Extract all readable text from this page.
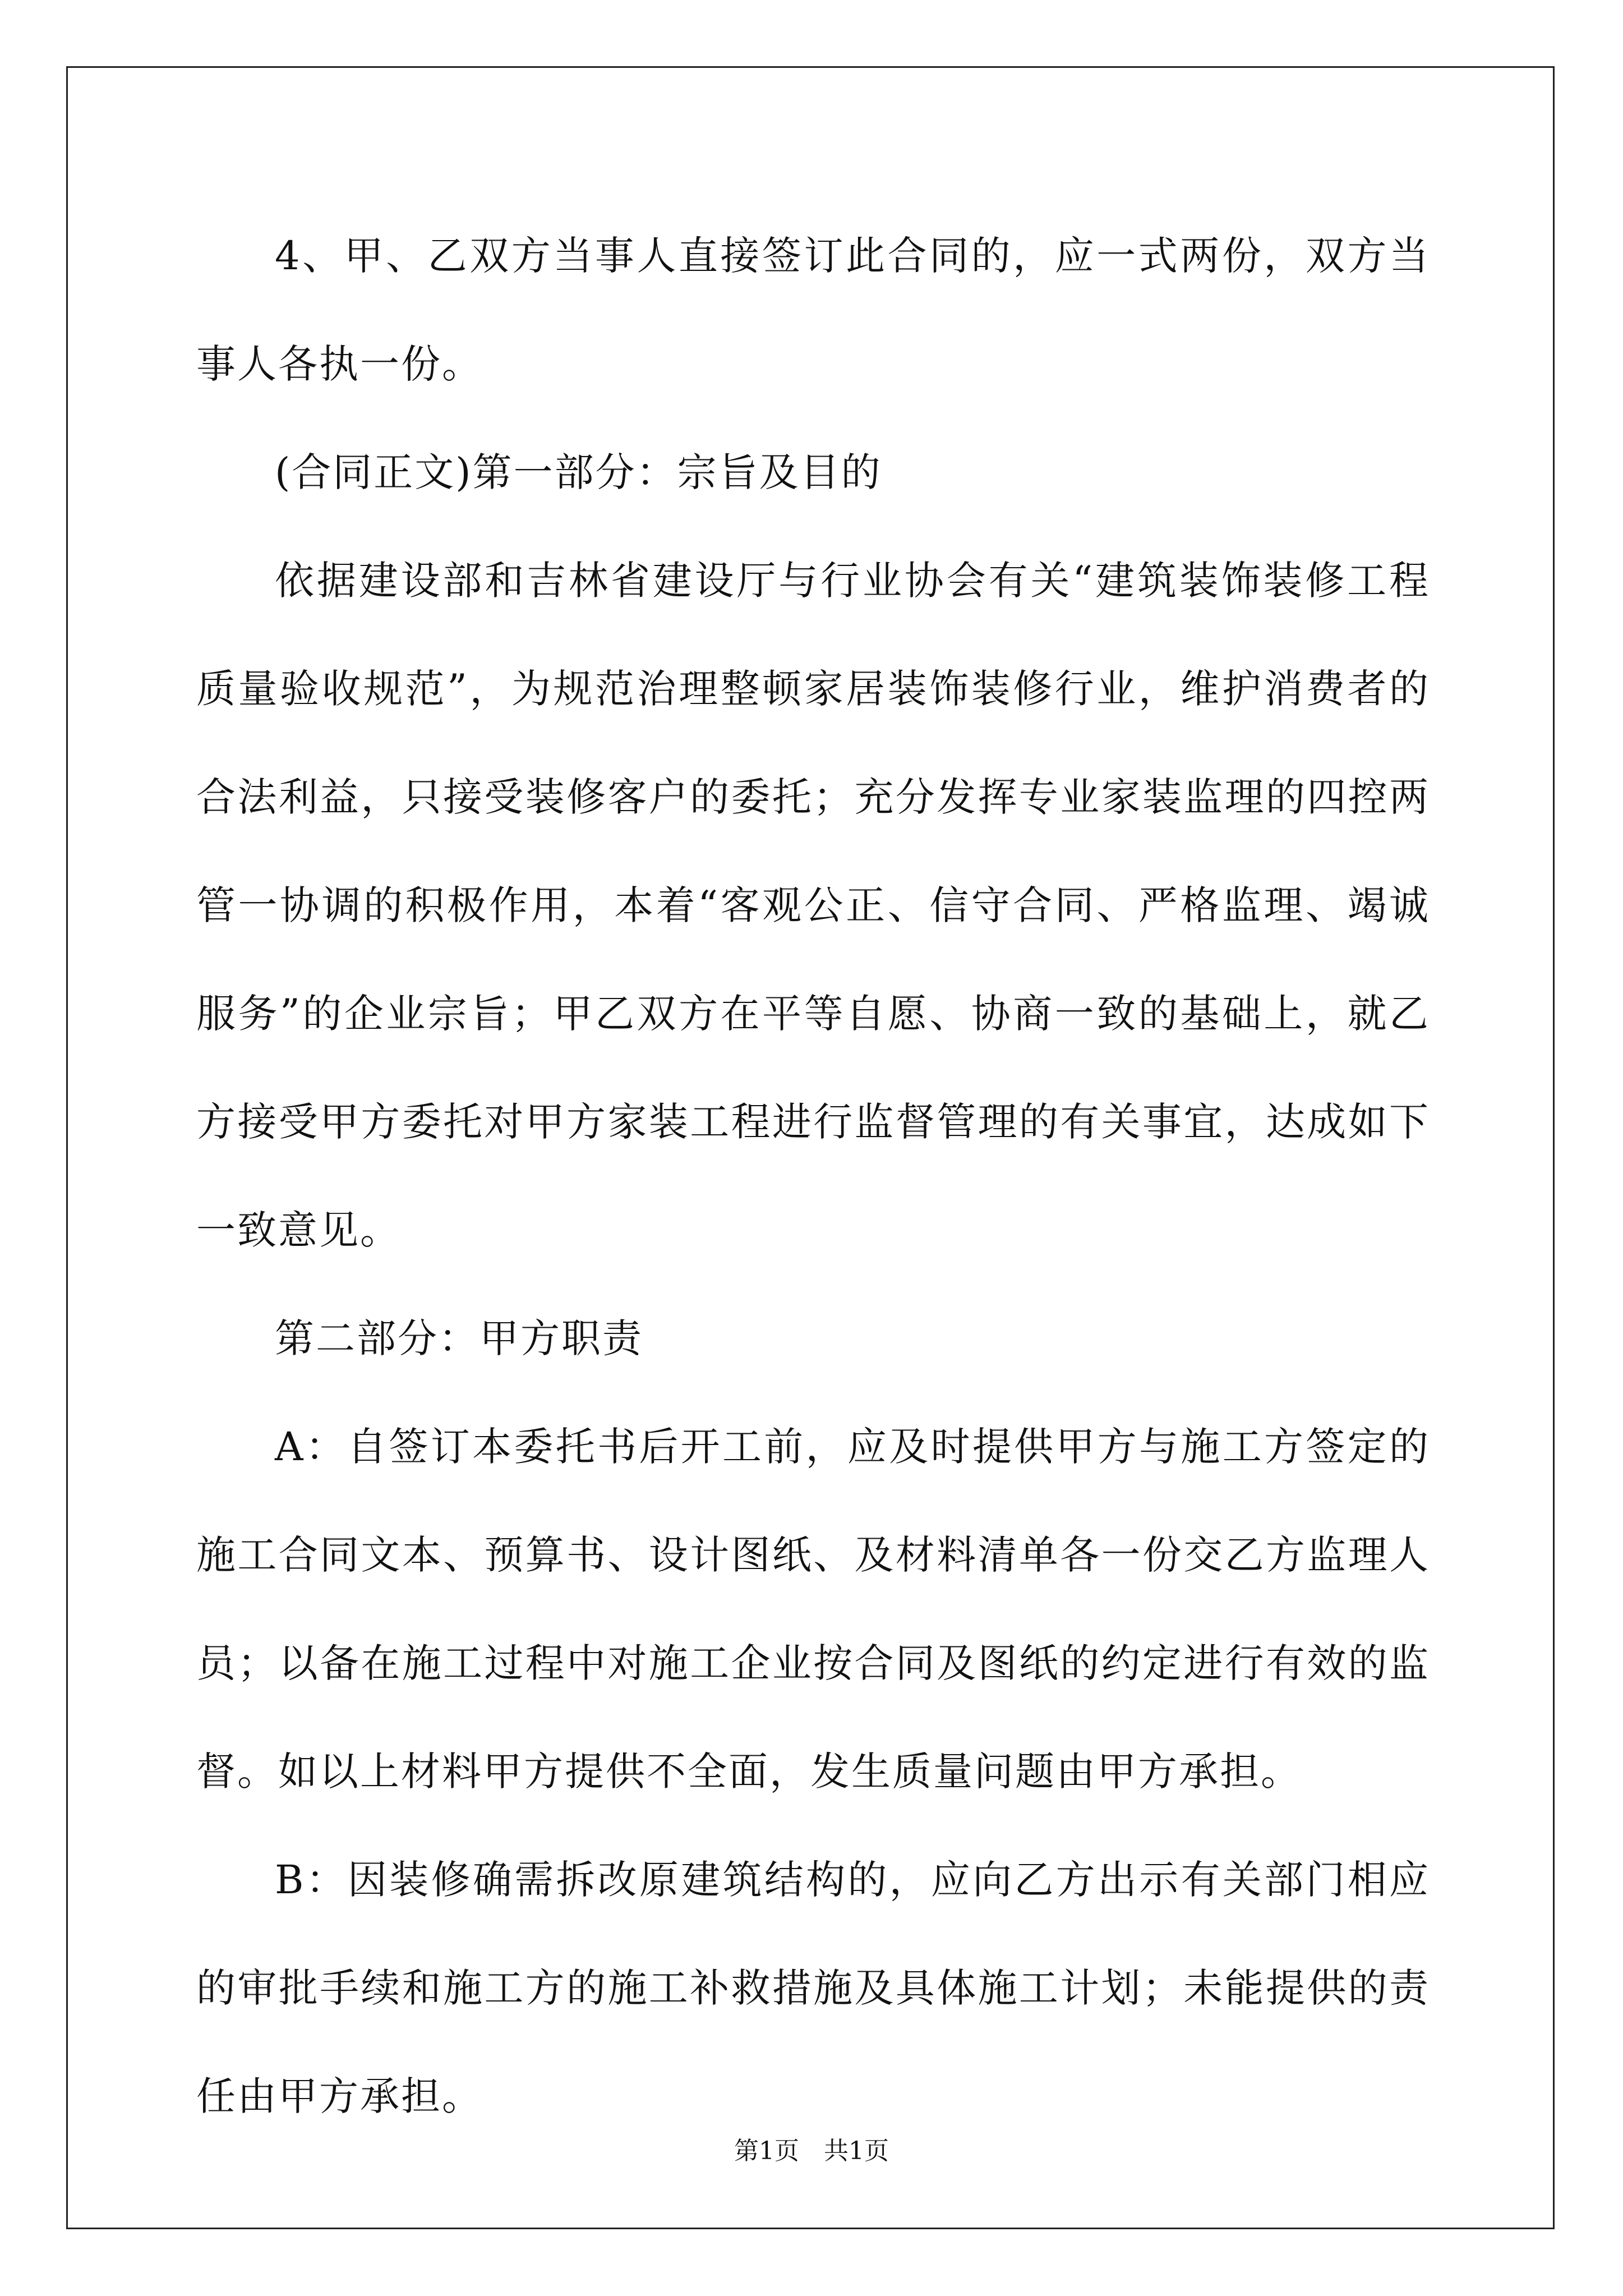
4、甲、乙双方当事人直接签订此合同的，应一式两份，双方当事人各执一份。

(合同正文)第一部分：宗旨及目的

依据建设部和吉林省建设厅与行业协会有关“建筑装饰装修工程质量验收规范”，为规范治理整顿家居装饰装修行业，维护消费者的合法利益，只接受装修客户的委托；充分发挥专业家装监理的四控两管一协调的积极作用，本着“客观公正、信守合同、严格监理、竭诚服务”的企业宗旨；甲乙双方在平等自愿、协商一致的基础上，就乙方接受甲方委托对甲方家装工程进行监督管理的有关事宜，达成如下一致意见。

第二部分：甲方职责

A：自签订本委托书后开工前，应及时提供甲方与施工方签定的施工合同文本、预算书、设计图纸、及材料清单各一份交乙方监理人员；以备在施工过程中对施工企业按合同及图纸的约定进行有效的监督。如以上材料甲方提供不全面，发生质量问题由甲方承担。

B：因装修确需拆改原建筑结构的，应向乙方出示有关部门相应的审批手续和施工方的施工补救措施及具体施工计划；未能提供的责任由甲方承担。

第1页　共1页
